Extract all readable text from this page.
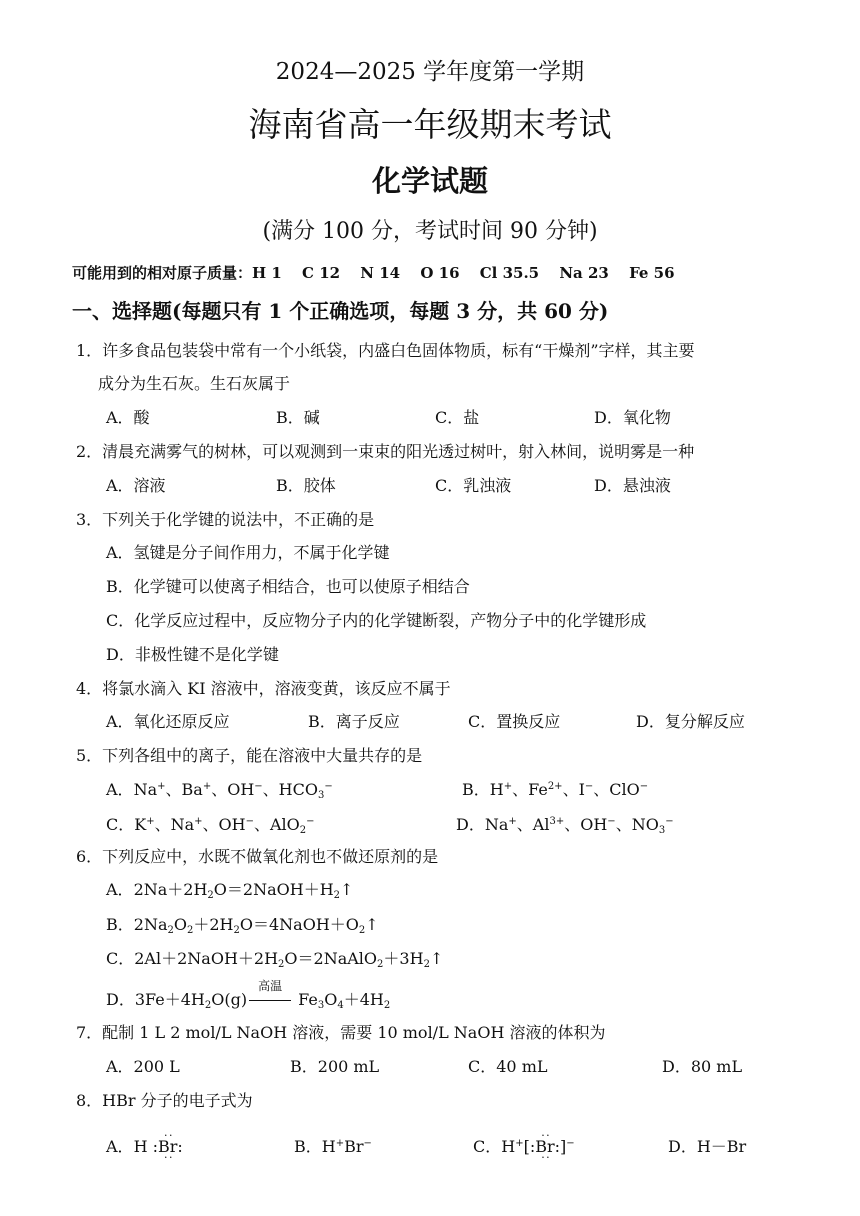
2024—2025 学年度第一学期
海南省高一年级期末考试
化学试题
(满分 100 分，考试时间 90 分钟)
可能用到的相对原子质量：H 1　 C 12　 N 14　 O 16　 Cl 35.5　 Na 23　 Fe 56
一、选择题(每题只有 1 个正确选项，每题 3 分，共 60 分)
1．许多食品包装袋中常有一个小纸袋，内盛白色固体物质，标有“干燥剂”字样，其主要
成分为生石灰。生石灰属于
A．酸	B．碱	C．盐	D．氧化物
2．清晨充满雾气的树林，可以观测到一束束的阳光透过树叶，射入林间，说明雾是一种
A．溶液	B．胶体	C．乳浊液	D．悬浊液
3．下列关于化学键的说法中，不正确的是
A．氢键是分子间作用力，不属于化学键
B．化学键可以使离子相结合，也可以使原子相结合
C．化学反应过程中，反应物分子内的化学键断裂，产物分子中的化学键形成
D．非极性键不是化学键
4．将氯水滴入 KI 溶液中，溶液变黄，该反应不属于
A．氧化还原反应	B．离子反应	C．置换反应	D．复分解反应
5．下列各组中的离子，能在溶液中大量共存的是
A．Na+、Ba+、OH−、$HCO_3^-$	B．H+、$Fe^{2+}$、I−、ClO−
C．K+、Na+、OH−、AlO$_2$−	D．Na+、$Al^{3+}$、OH−、$NO_3^-$
6．下列反应中，水既不做氧化剂也不做还原剂的是
A．$2Na+2H_2O=2NaOH+H_2↑$
B．$2Na_2O_2+2H_2O=4NaOH+O_2↑$
C．$2Al+2NaOH+2H_2O=2NaAlO_2+3H_2↑$
D．$3Fe+4H_2O(g)$
高温
$Fe_3O_4+4H_2$
7．配制 1 L 2 mol/L NaOH 溶液，需要 10 mol/L NaOH 溶液的体积为
A．200 L	B．200 mL	C．40 mL	D．80 mL
8．HBr 分子的电子式为
A．H :· · Br · ·:	B．H+Br−	C．H+[:· · Br · ·:]−	D．H－Br
